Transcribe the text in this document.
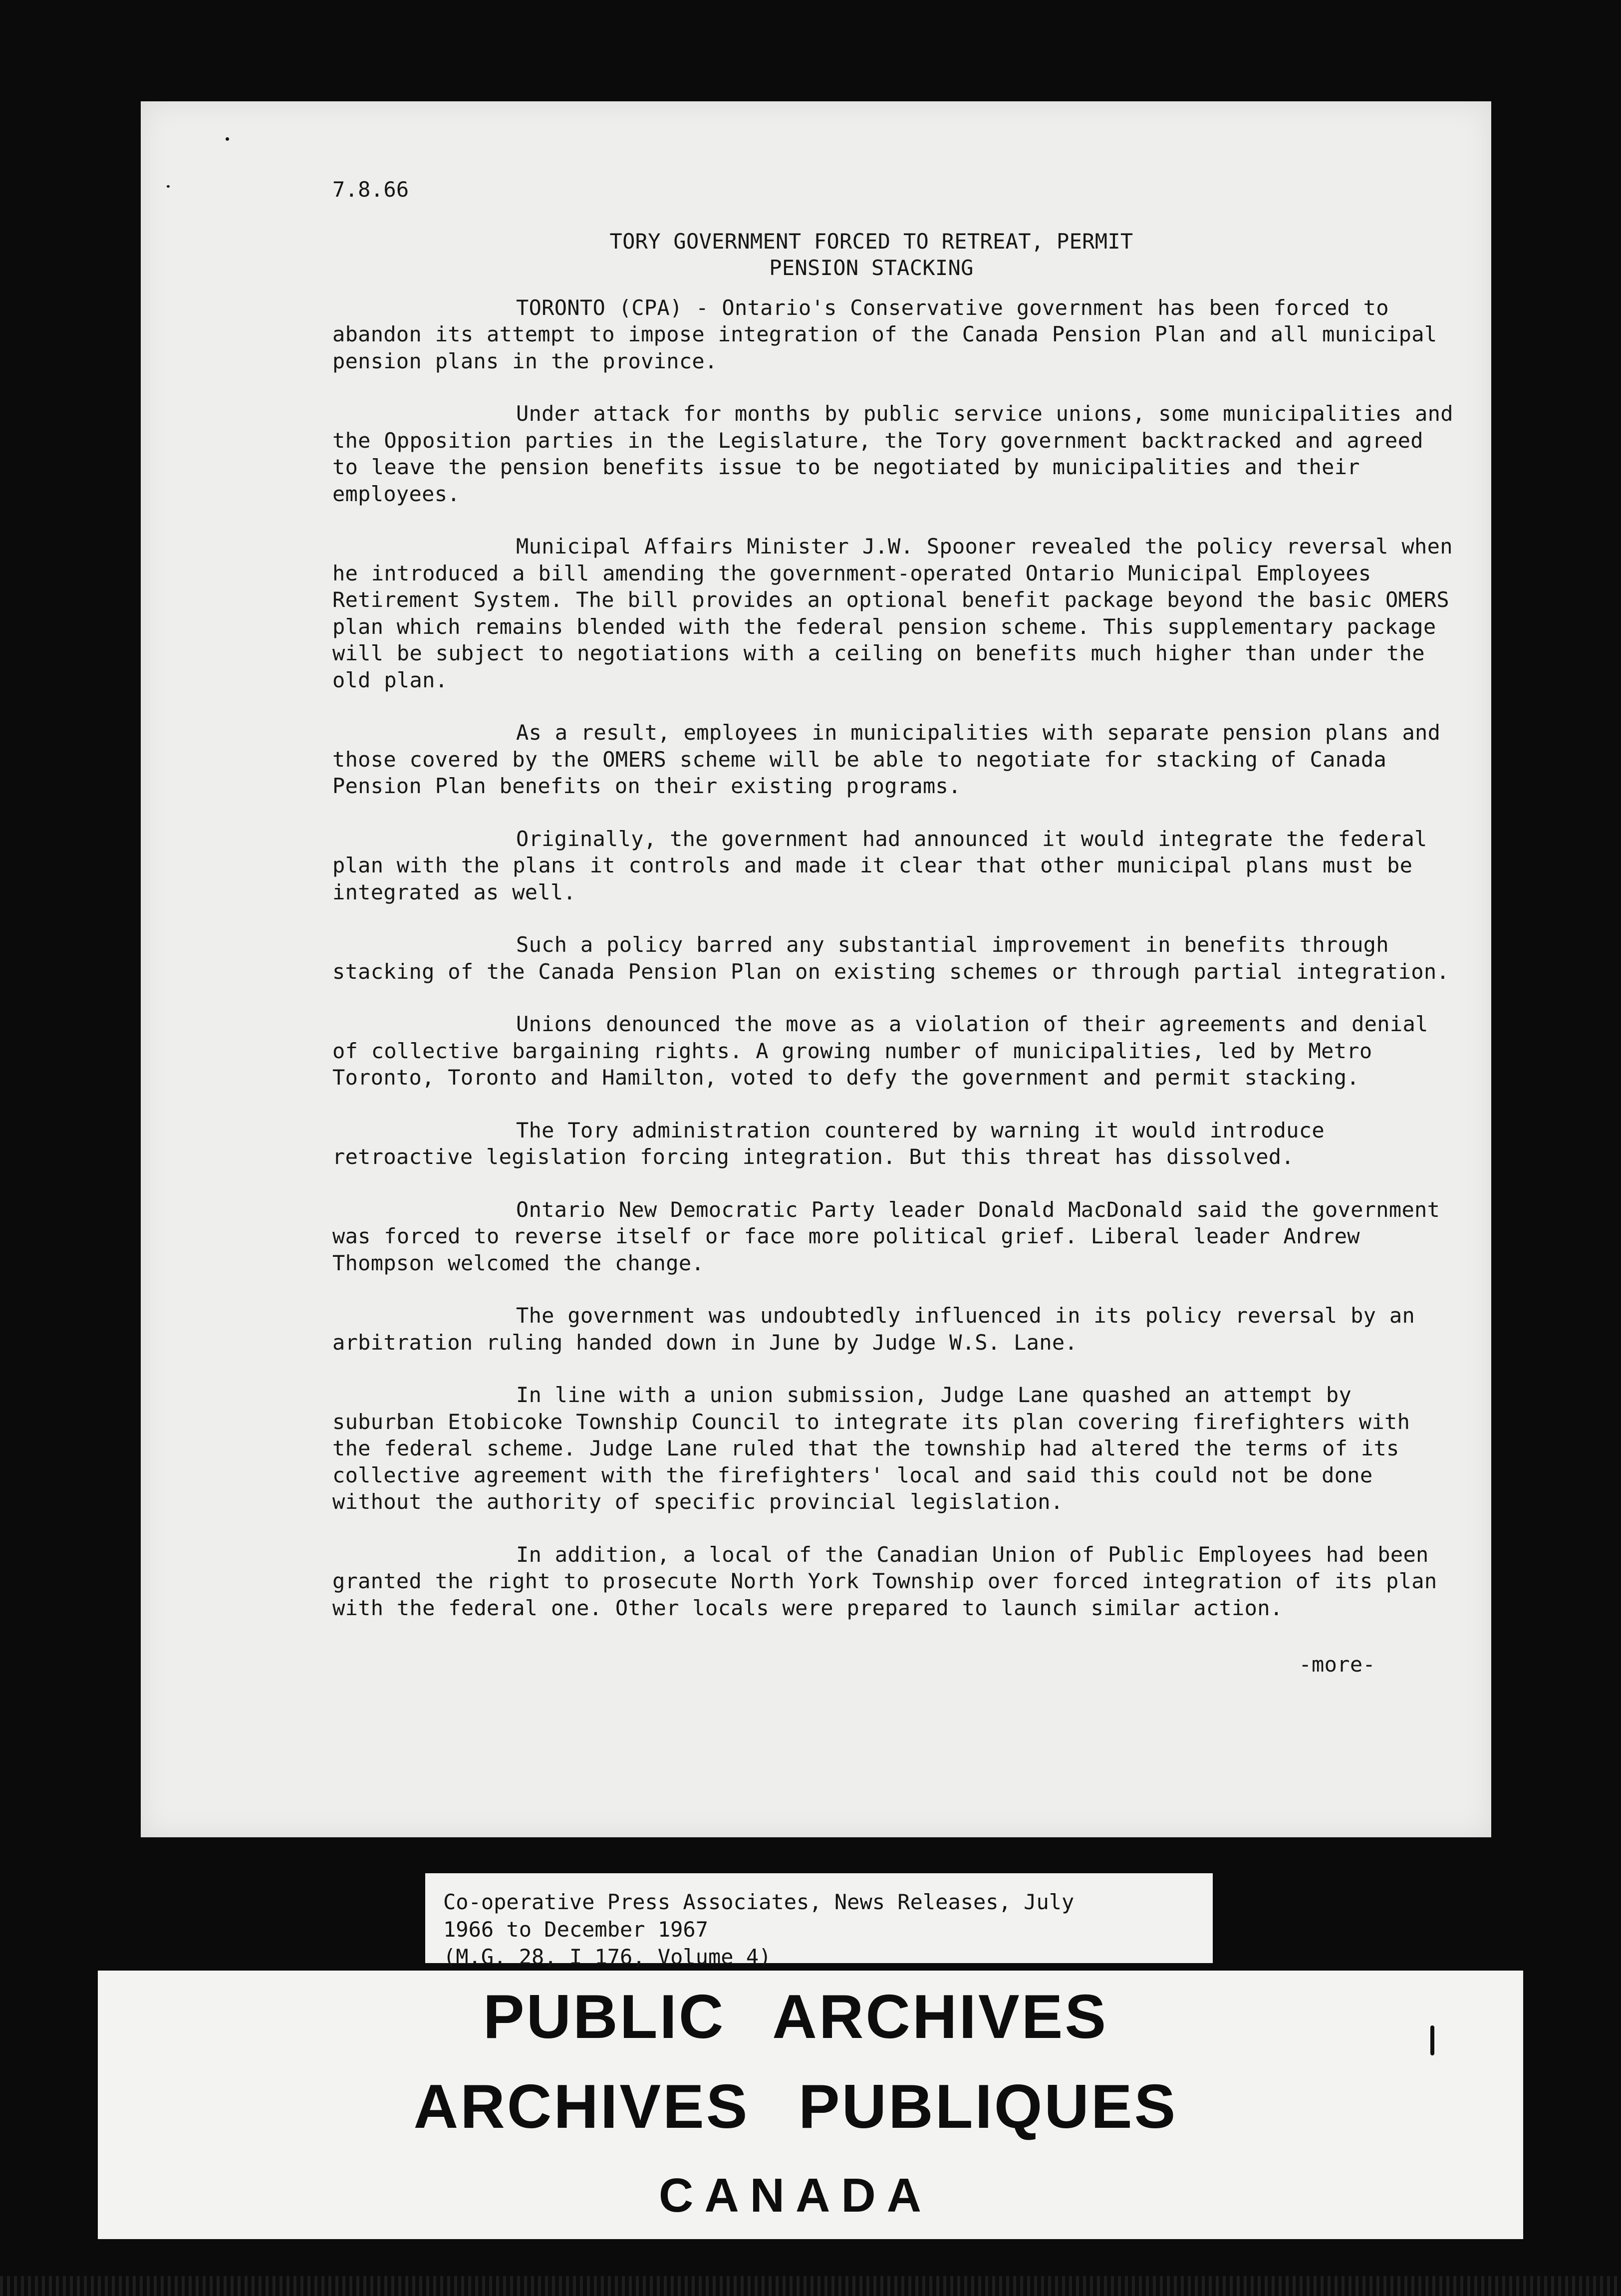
7.8.66
TORY GOVERNMENT FORCED TO RETREAT, PERMIT
PENSION STACKING

TORONTO (CPA) - Ontario's Conservative government has been forced to abandon its attempt to impose integration of the Canada Pension Plan and all municipal pension plans in the province.

Under attack for months by public service unions, some municipalities and the Opposition parties in the Legislature, the Tory government backtracked and agreed to leave the pension benefits issue to be negotiated by municipalities and their employees.

Municipal Affairs Minister J.W. Spooner revealed the policy reversal when he introduced a bill amending the government-operated Ontario Municipal Employees Retirement System. The bill provides an optional benefit package beyond the basic OMERS plan which remains blended with the federal pension scheme. This supplementary package will be subject to negotiations with a ceiling on benefits much higher than under the old plan.

As a result, employees in municipalities with separate pension plans and those covered by the OMERS scheme will be able to negotiate for stacking of Canada Pension Plan benefits on their existing programs.

Originally, the government had announced it would integrate the federal plan with the plans it controls and made it clear that other municipal plans must be integrated as well.

Such a policy barred any substantial improvement in benefits through stacking of the Canada Pension Plan on existing schemes or through partial integration.

Unions denounced the move as a violation of their agreements and denial of collective bargaining rights. A growing number of municipalities, led by Metro Toronto, Toronto and Hamilton, voted to defy the government and permit stacking.

The Tory administration countered by warning it would introduce retroactive legislation forcing integration. But this threat has dissolved.

Ontario New Democratic Party leader Donald MacDonald said the government was forced to reverse itself or face more political grief. Liberal leader Andrew Thompson welcomed the change.

The government was undoubtedly influenced in its policy reversal by an arbitration ruling handed down in June by Judge W.S. Lane.

In line with a union submission, Judge Lane quashed an attempt by suburban Etobicoke Township Council to integrate its plan covering firefighters with the federal scheme. Judge Lane ruled that the township had altered the terms of its collective agreement with the firefighters' local and said this could not be done without the authority of specific provincial legislation.

In addition, a local of the Canadian Union of Public Employees had been granted the right to prosecute North York Township over forced integration of its plan with the federal one. Other locals were prepared to launch similar action.

-more-
Co-operative Press Associates, News Releases, July
1966 to December 1967
(M.G. 28, I 176, Volume 4)
PUBLIC ARCHIVES
ARCHIVES PUBLIQUES
CANADA
